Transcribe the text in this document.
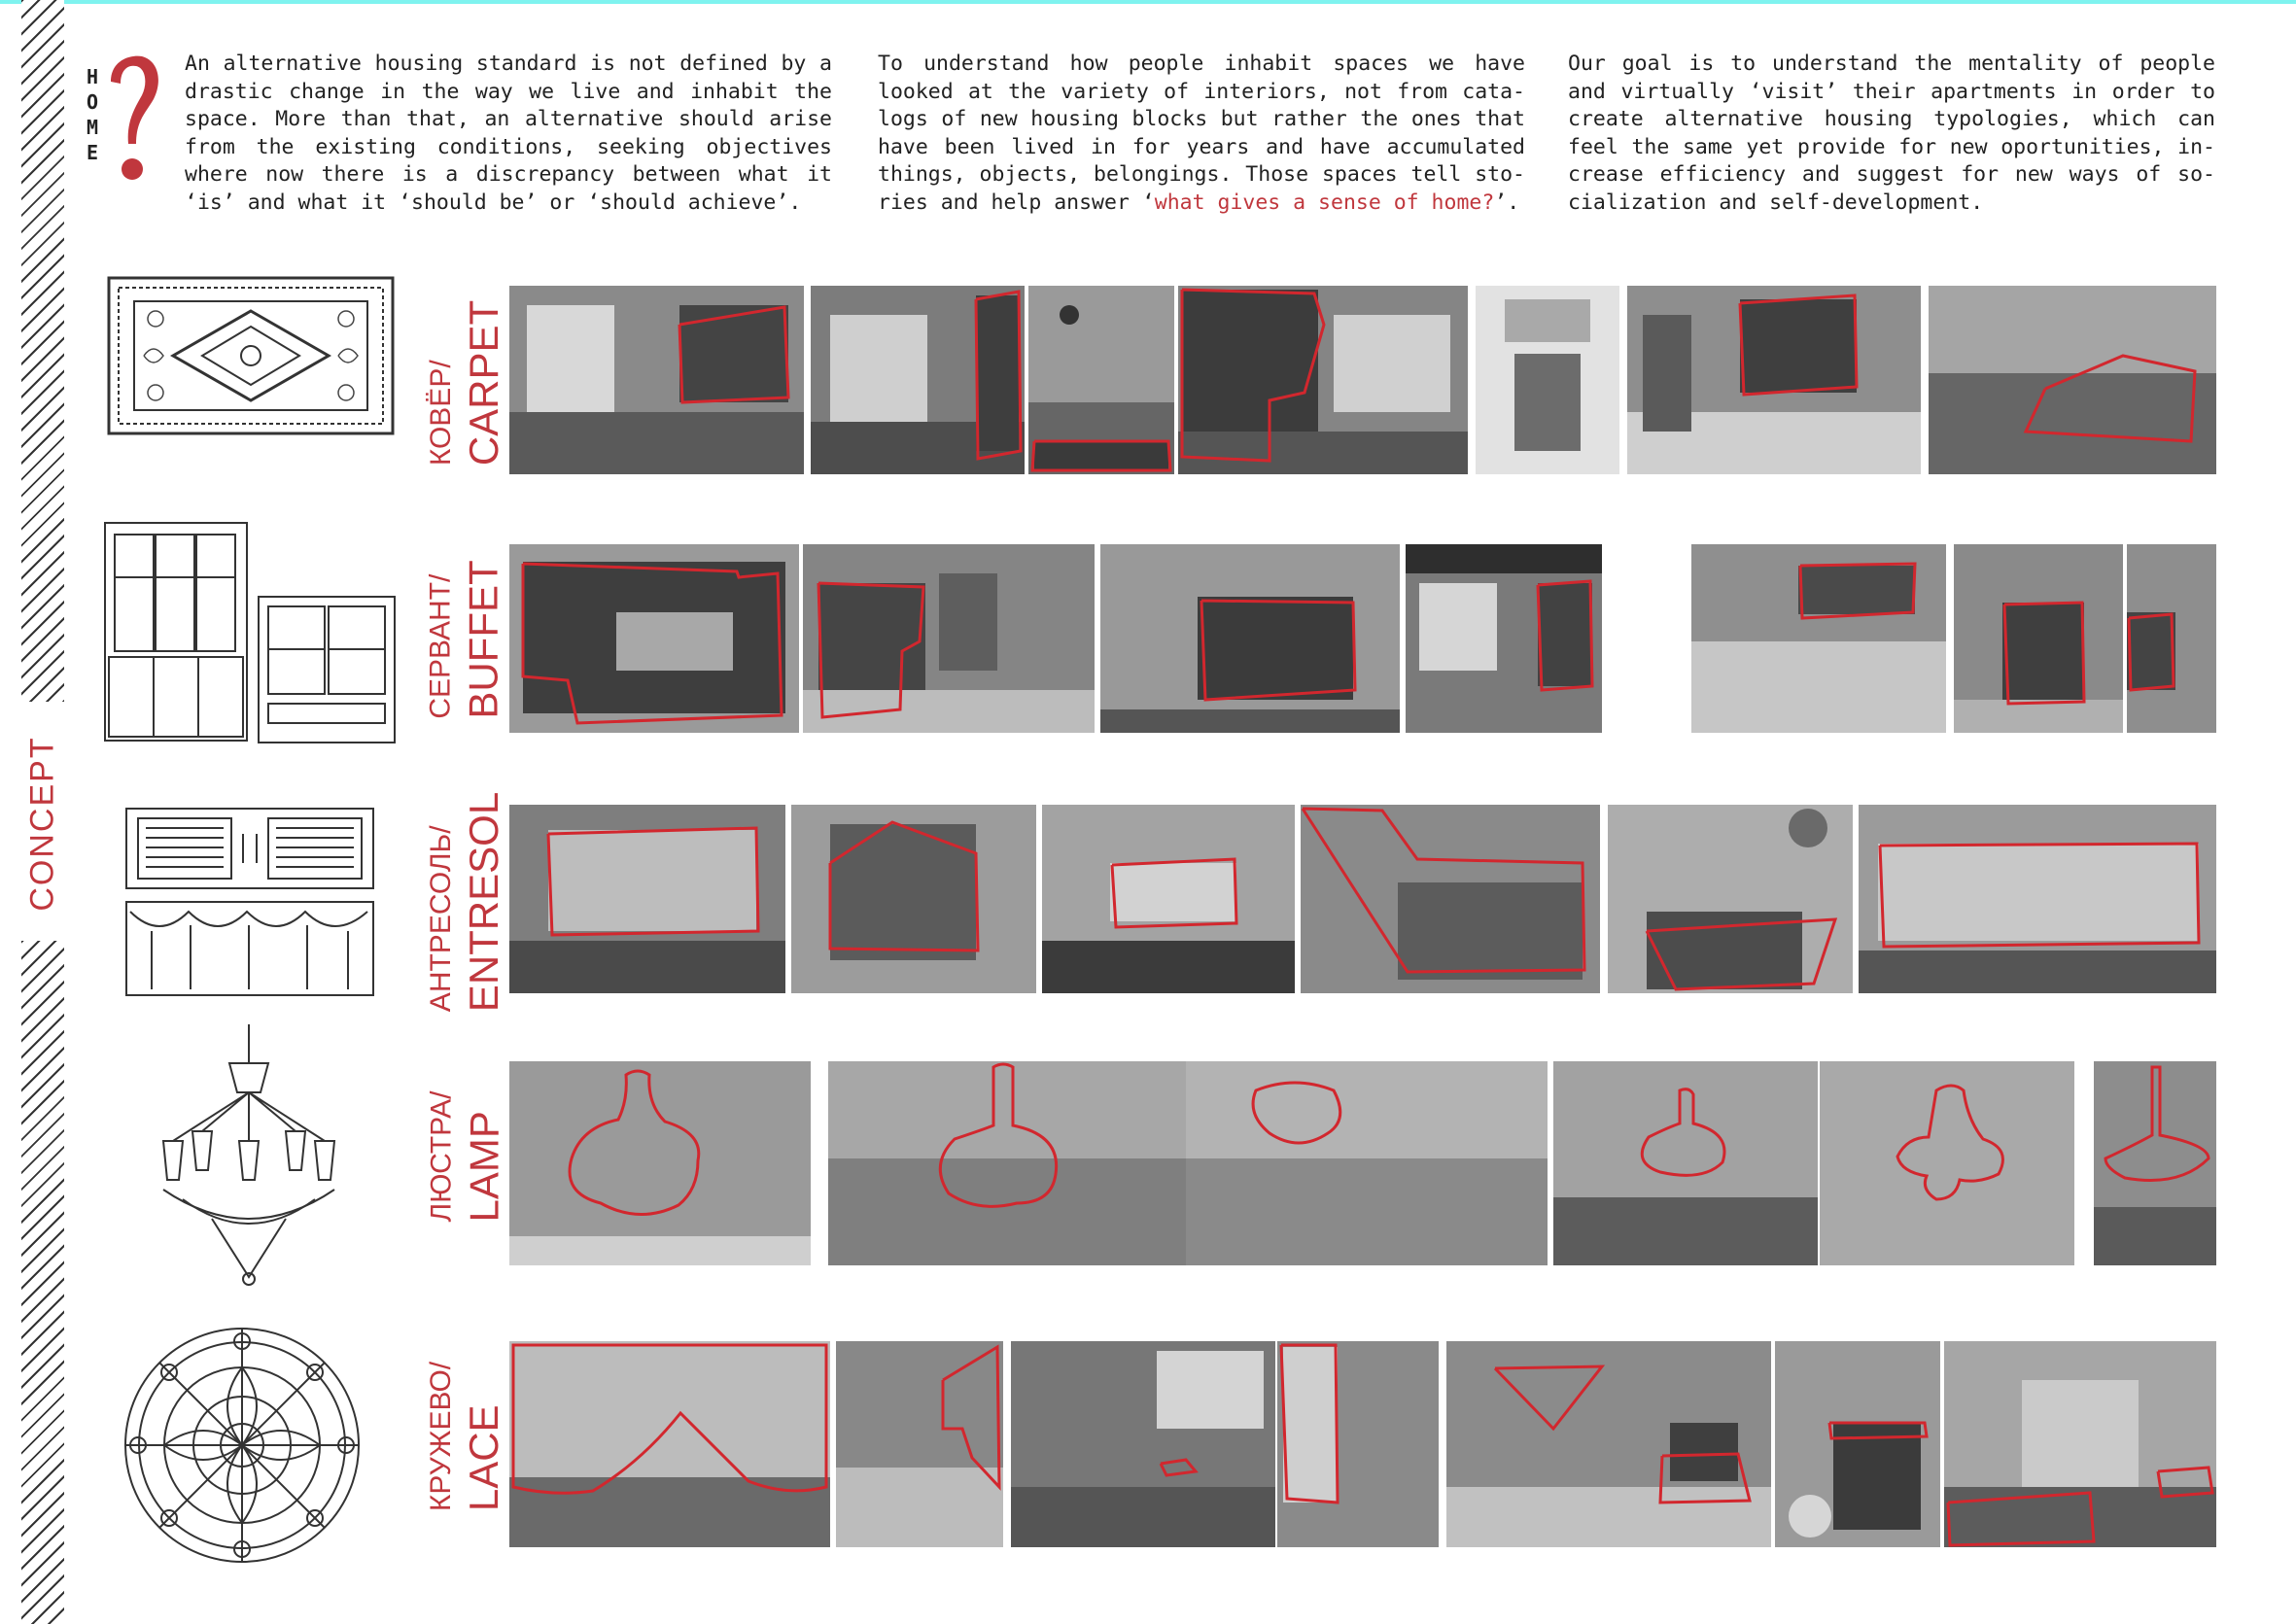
CONCEPT
H
O
M
E

An alternative housing standard is not defined by a drastic change in the way we live and inhabit the space. More than that, an alternative should arise from the existing conditions, seeking objectives where now there is a discrepancy between what it ‘is’ and what it ‘should be’ or ‘should achieve’.

To understand how people inhabit spaces we have looked at the variety of interiors, not from cata-logs of new housing blocks but rather the ones that have been lived in for years and have accumulated things, objects, belongings. Those spaces tell sto-ries and help answer ‘what gives a sense of home?’.

Our goal is to understand the mentality of people and virtually ‘visit’ their apartments in order to create alternative housing typologies, which can feel the same yet provide for new oportunities, in-crease efficiency and suggest for new ways of so-cialization and self-development.

КОВЁР/ CARPET
СЕРВАНТ/ BUFFET
АНТРЕСОЛЬ/ ENTRESOL
ЛЮСТРА/ LAMP
КРУЖЕВО/ LACE
